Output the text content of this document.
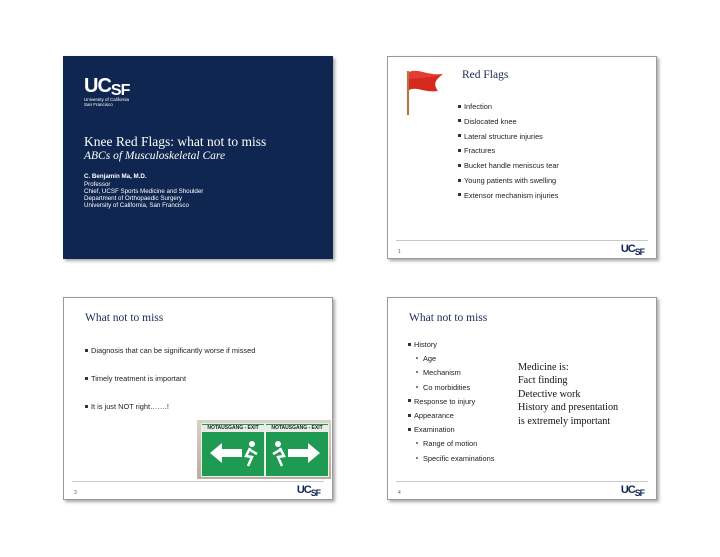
UCSF
University of California
San Francisco
Knee Red Flags: what not to miss
ABCs of Musculoskeletal Care
C. Benjamin Ma, M.D.
Professor
Chief, UCSF Sports Medicine and Shoulder
Department of Orthopaedic Surgery
University of California, San Francisco
Red Flags
Infection
Dislocated knee
Lateral structure injuries
Fractures
Bucket handle meniscus tear
Young patients with swelling
Extensor mechanism injuries
1	$UC_{SF}$
What not to miss
Diagnosis that can be significantly worse if missed
Timely treatment is important
It is just NOT right…….!
NOTAUSGANG - EXIT	NOTAUSGANG - EXIT
3	$UC_{SF}$
What not to miss
History
Age
Mechanism
Co morbidities
Response to injury
Appearance
Examination
Range of motion
Specific examinations
Medicine is:
Fact finding
Detective work
History and presentation
is extremely important
4	$UC_{SF}$
